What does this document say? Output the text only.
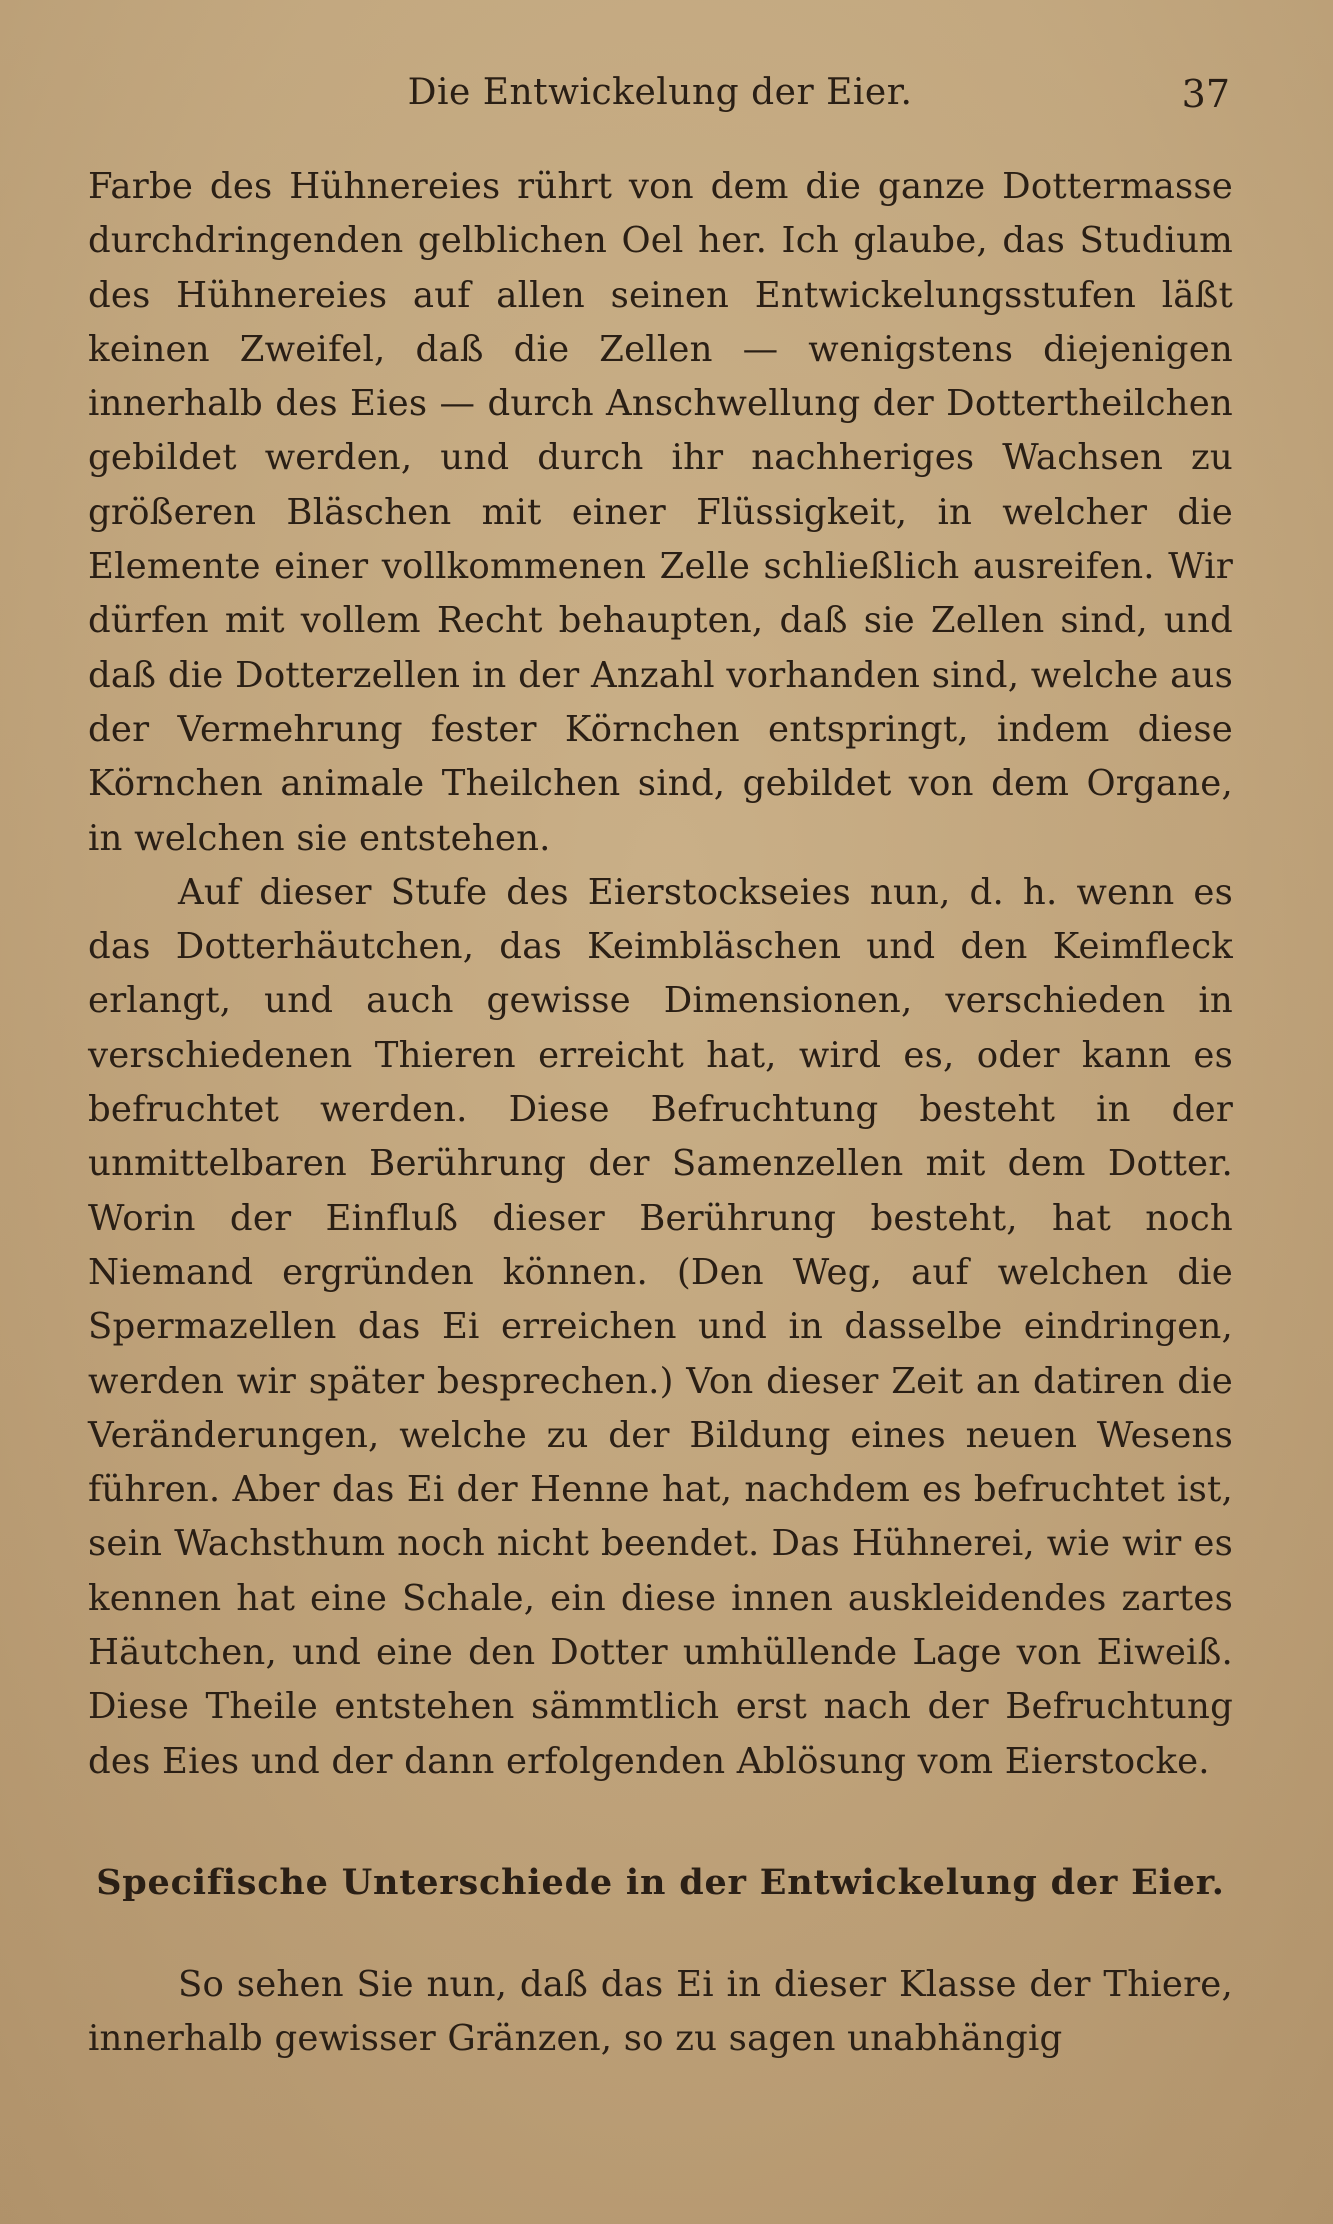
Die Entwickelung der Eier.	37

Farbe des Hühnereies rührt von dem die ganze Dottermasse durchdringenden gelblichen Oel her. Ich glaube, das Studium des Hühnereies auf allen seinen Entwickelungsstufen läßt keinen Zweifel, daß die Zellen — wenigstens diejenigen innerhalb des Eies — durch Anschwellung der Dottertheilchen gebildet werden, und durch ihr nachheriges Wachsen zu größeren Bläschen mit einer Flüssigkeit, in welcher die Elemente einer vollkommenen Zelle schließlich ausreifen. Wir dürfen mit vollem Recht behaupten, daß sie Zellen sind, und daß die Dotterzellen in der Anzahl vorhanden sind, welche aus der Vermehrung fester Körnchen entspringt, indem diese Körnchen animale Theilchen sind, gebildet von dem Organe, in welchen sie entstehen.

Auf dieser Stufe des Eierstockseies nun, d. h. wenn es das Dotterhäutchen, das Keimbläschen und den Keimfleck erlangt, und auch gewisse Dimensionen, verschieden in verschiedenen Thieren erreicht hat, wird es, oder kann es befruchtet werden. Diese Befruchtung besteht in der unmittelbaren Berührung der Samenzellen mit dem Dotter. Worin der Einfluß dieser Berührung besteht, hat noch Niemand ergründen können. (Den Weg, auf welchen die Spermazellen das Ei erreichen und in dasselbe eindringen, werden wir später besprechen.) Von dieser Zeit an datiren die Veränderungen, welche zu der Bildung eines neuen Wesens führen. Aber das Ei der Henne hat, nachdem es befruchtet ist, sein Wachsthum noch nicht beendet. Das Hühnerei, wie wir es kennen hat eine Schale, ein diese innen auskleidendes zartes Häutchen, und eine den Dotter umhüllende Lage von Eiweiß. Diese Theile entstehen sämmtlich erst nach der Befruchtung des Eies und der dann erfolgenden Ablösung vom Eierstocke.

Specifische Unterschiede in der Entwickelung der Eier.

So sehen Sie nun, daß das Ei in dieser Klasse der Thiere, innerhalb gewisser Gränzen, so zu sagen unabhängig
